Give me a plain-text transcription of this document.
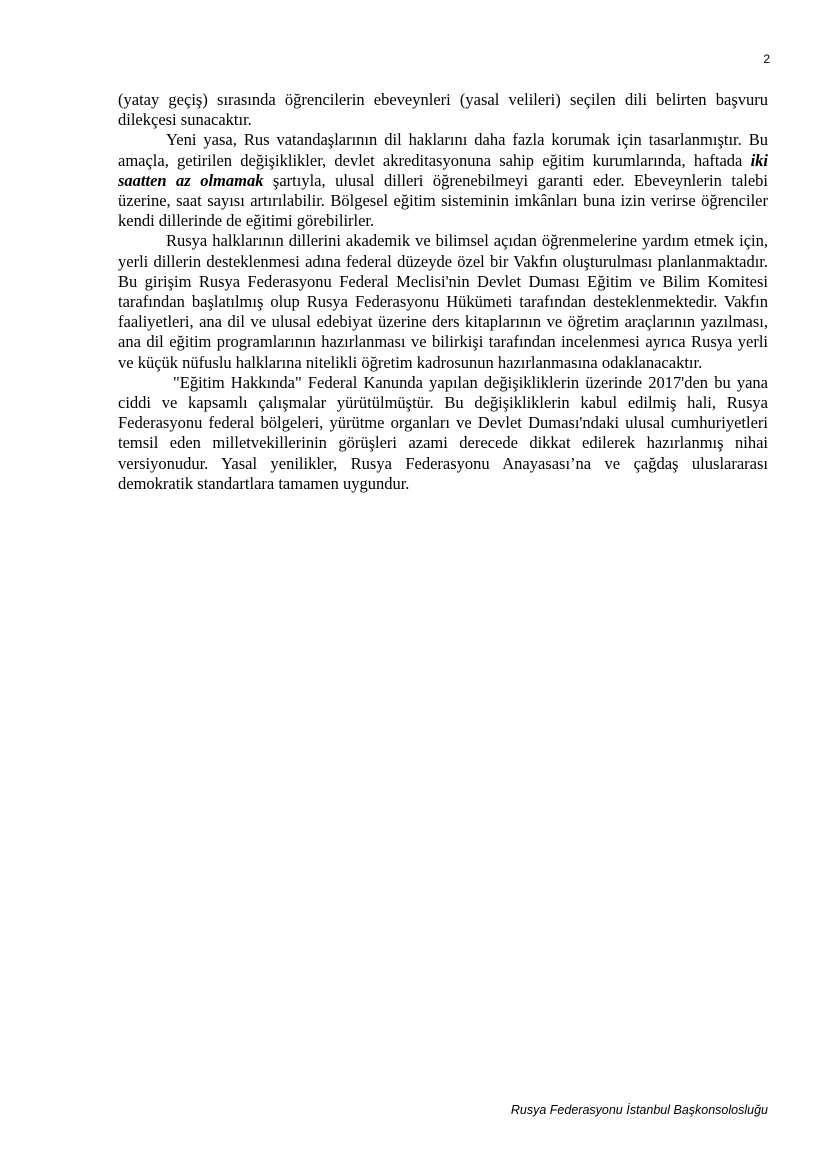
2

(yatay geçiş) sırasında öğrencilerin ebeveynleri (yasal velileri) seçilen dili belirten başvuru dilekçesi sunacaktır.

Yeni yasa, Rus vatandaşlarının dil haklarını daha fazla korumak için tasarlanmıştır. Bu amaçla, getirilen değişiklikler, devlet akreditasyonuna sahip eğitim kurumlarında, haftada iki saatten az olmamak şartıyla, ulusal dilleri öğrenebilmeyi garanti eder. Ebeveynlerin talebi üzerine, saat sayısı artırılabilir. Bölgesel eğitim sisteminin imkânları buna izin verirse öğrenciler kendi dillerinde de eğitimi görebilirler.

Rusya halklarının dillerini akademik ve bilimsel açıdan öğrenmelerine yardım etmek için, yerli dillerin desteklenmesi adına federal düzeyde özel bir Vakfın oluşturulması planlanmaktadır. Bu girişim Rusya Federasyonu Federal Meclisi'nin Devlet Duması Eğitim ve Bilim Komitesi tarafından başlatılmış olup Rusya Federasyonu Hükümeti tarafından desteklenmektedir. Vakfın faaliyetleri, ana dil ve ulusal edebiyat üzerine ders kitaplarının ve öğretim araçlarının yazılması, ana dil eğitim programlarının hazırlanması ve bilirkişi tarafından incelenmesi ayrıca Rusya yerli ve küçük nüfuslu halklarına nitelikli öğretim kadrosunun hazırlanmasına odaklanacaktır.

"Eğitim Hakkında" Federal Kanunda yapılan değişikliklerin üzerinde 2017'den bu yana ciddi ve kapsamlı çalışmalar yürütülmüştür. Bu değişikliklerin kabul edilmiş hali, Rusya Federasyonu federal bölgeleri, yürütme organları ve Devlet Duması'ndaki ulusal cumhuriyetleri temsil eden milletvekillerinin görüşleri azami derecede dikkat edilerek hazırlanmış nihai versiyonudur. Yasal yenilikler, Rusya Federasyonu Anayasası’na ve çağdaş uluslararası demokratik standartlara tamamen uygundur.

Rusya Federasyonu İstanbul Başkonsolosluğu
